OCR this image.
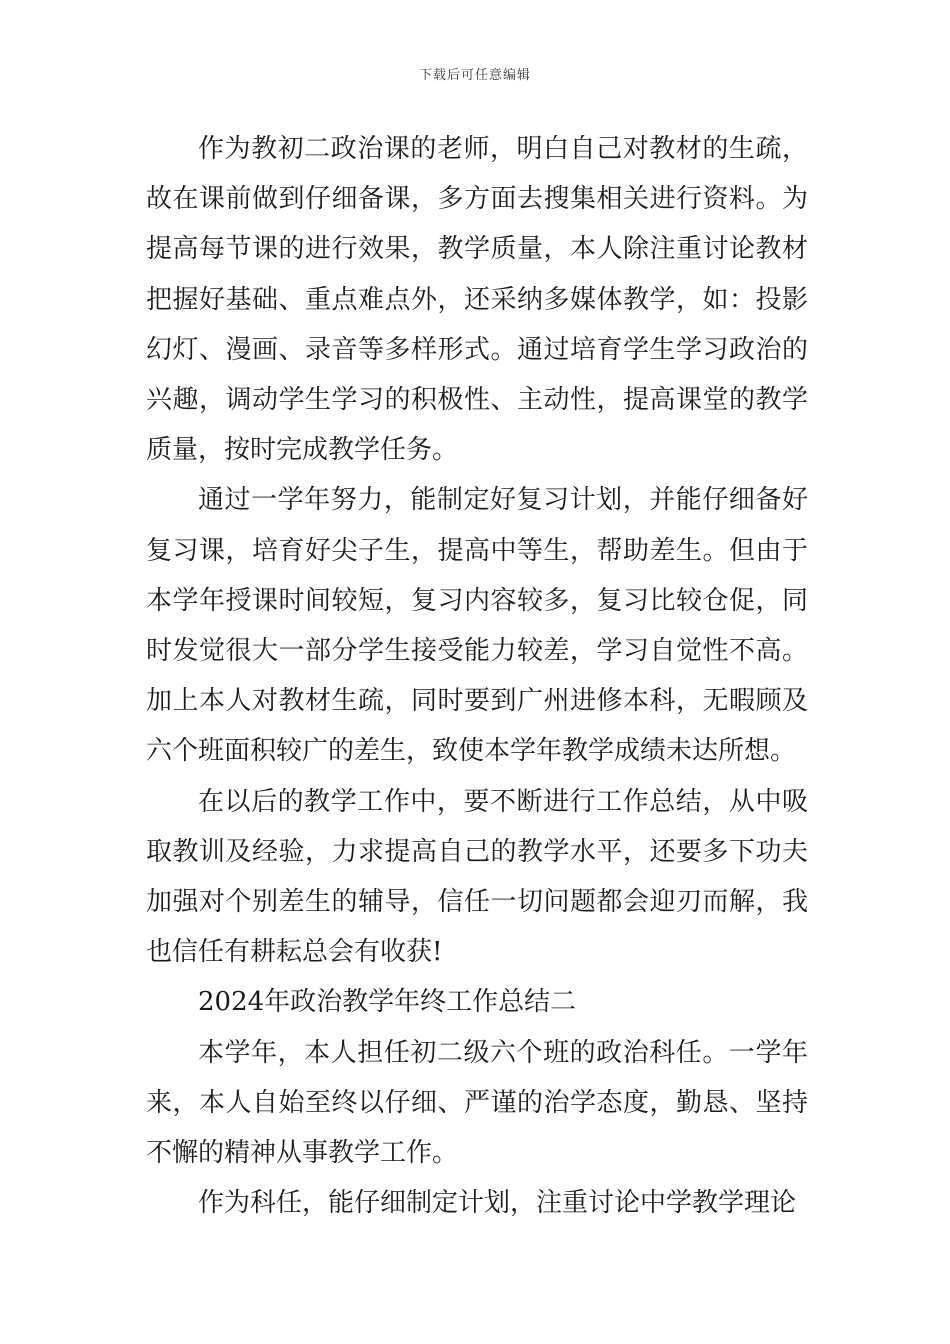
下载后可任意编辑

作为教初二政治课的老师，明白自己对教材的生疏，故在课前做到仔细备课，多方面去搜集相关进行资料。为提高每节课的进行效果，教学质量，本人除注重讨论教材把握好基础、重点难点外，还采纳多媒体教学，如：投影幻灯、漫画、录音等多样形式。通过培育学生学习政治的兴趣，调动学生学习的积极性、主动性，提高课堂的教学质量，按时完成教学任务。

通过一学年努力，能制定好复习计划，并能仔细备好复习课，培育好尖子生，提高中等生，帮助差生。但由于本学年授课时间较短，复习内容较多，复习比较仓促，同时发觉很大一部分学生接受能力较差，学习自觉性不高。加上本人对教材生疏，同时要到广州进修本科，无暇顾及六个班面积较广的差生，致使本学年教学成绩未达所想。

在以后的教学工作中，要不断进行工作总结，从中吸取教训及经验，力求提高自己的教学水平，还要多下功夫加强对个别差生的辅导，信任一切问题都会迎刃而解，我也信任有耕耘总会有收获!

2024年政治教学年终工作总结二

本学年，本人担任初二级六个班的政治科任。一学年来，本人自始至终以仔细、严谨的治学态度，勤恳、坚持不懈的精神从事教学工作。

作为科任，能仔细制定计划，注重讨论中学教学理论
